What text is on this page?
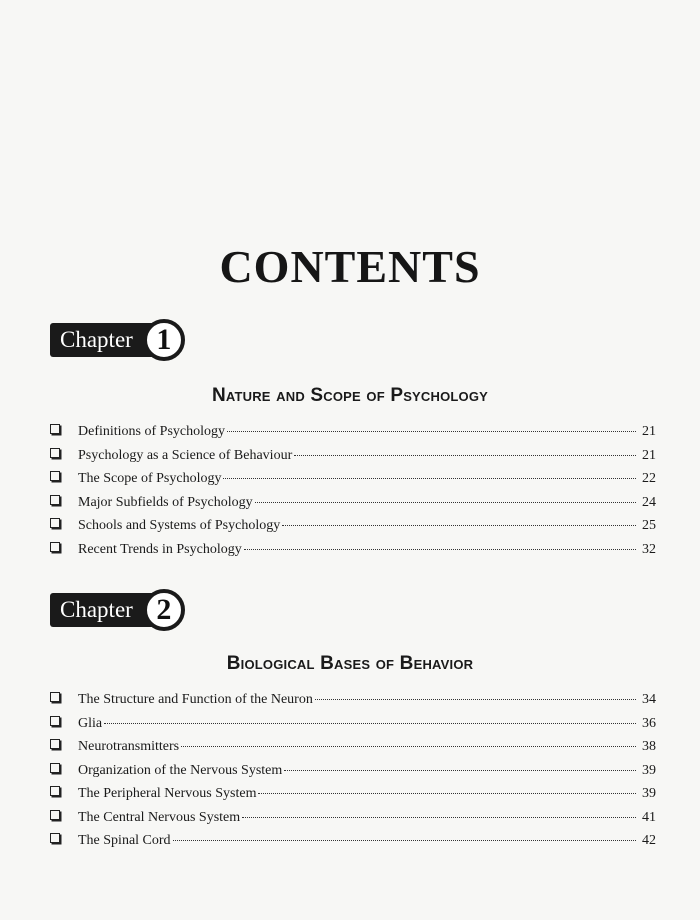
CONTENTS
Chapter 1
Nature and Scope of Psychology
Definitions of Psychology	21
Psychology as a Science of Behaviour	21
The Scope of Psychology	22
Major Subfields of Psychology	24
Schools and Systems of Psychology	25
Recent Trends in Psychology	32
Chapter 2
Biological Bases of Behavior
The Structure and Function of the Neuron	34
Glia	36
Neurotransmitters	38
Organization of the Nervous System	39
The Peripheral Nervous System	39
The Central Nervous System	41
The Spinal Cord	42
